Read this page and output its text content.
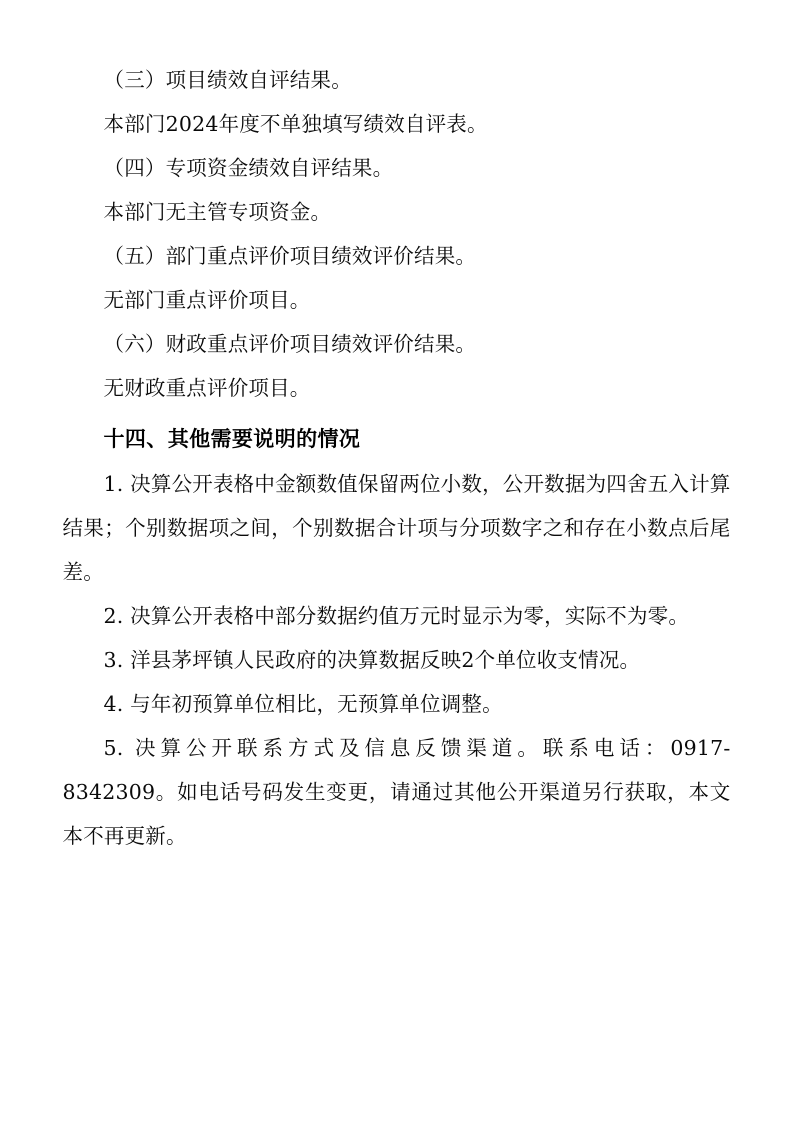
（三）项目绩效自评结果。

本部门2024年度不单独填写绩效自评表。

（四）专项资金绩效自评结果。

本部门无主管专项资金。

（五）部门重点评价项目绩效评价结果。

无部门重点评价项目。

（六）财政重点评价项目绩效评价结果。

无财政重点评价项目。

十四、其他需要说明的情况

1. 决算公开表格中金额数值保留两位小数，公开数据为四舍五入计算结果；个别数据项之间，个别数据合计项与分项数字之和存在小数点后尾差。

2. 决算公开表格中部分数据约值万元时显示为零，实际不为零。

3. 洋县茅坪镇人民政府的决算数据反映2个单位收支情况。

4. 与年初预算单位相比，无预算单位调整。

5. 决算公开联系方式及信息反馈渠道。联系电话：0917-8342309。如电话号码发生变更，请通过其他公开渠道另行获取，本文本不再更新。
